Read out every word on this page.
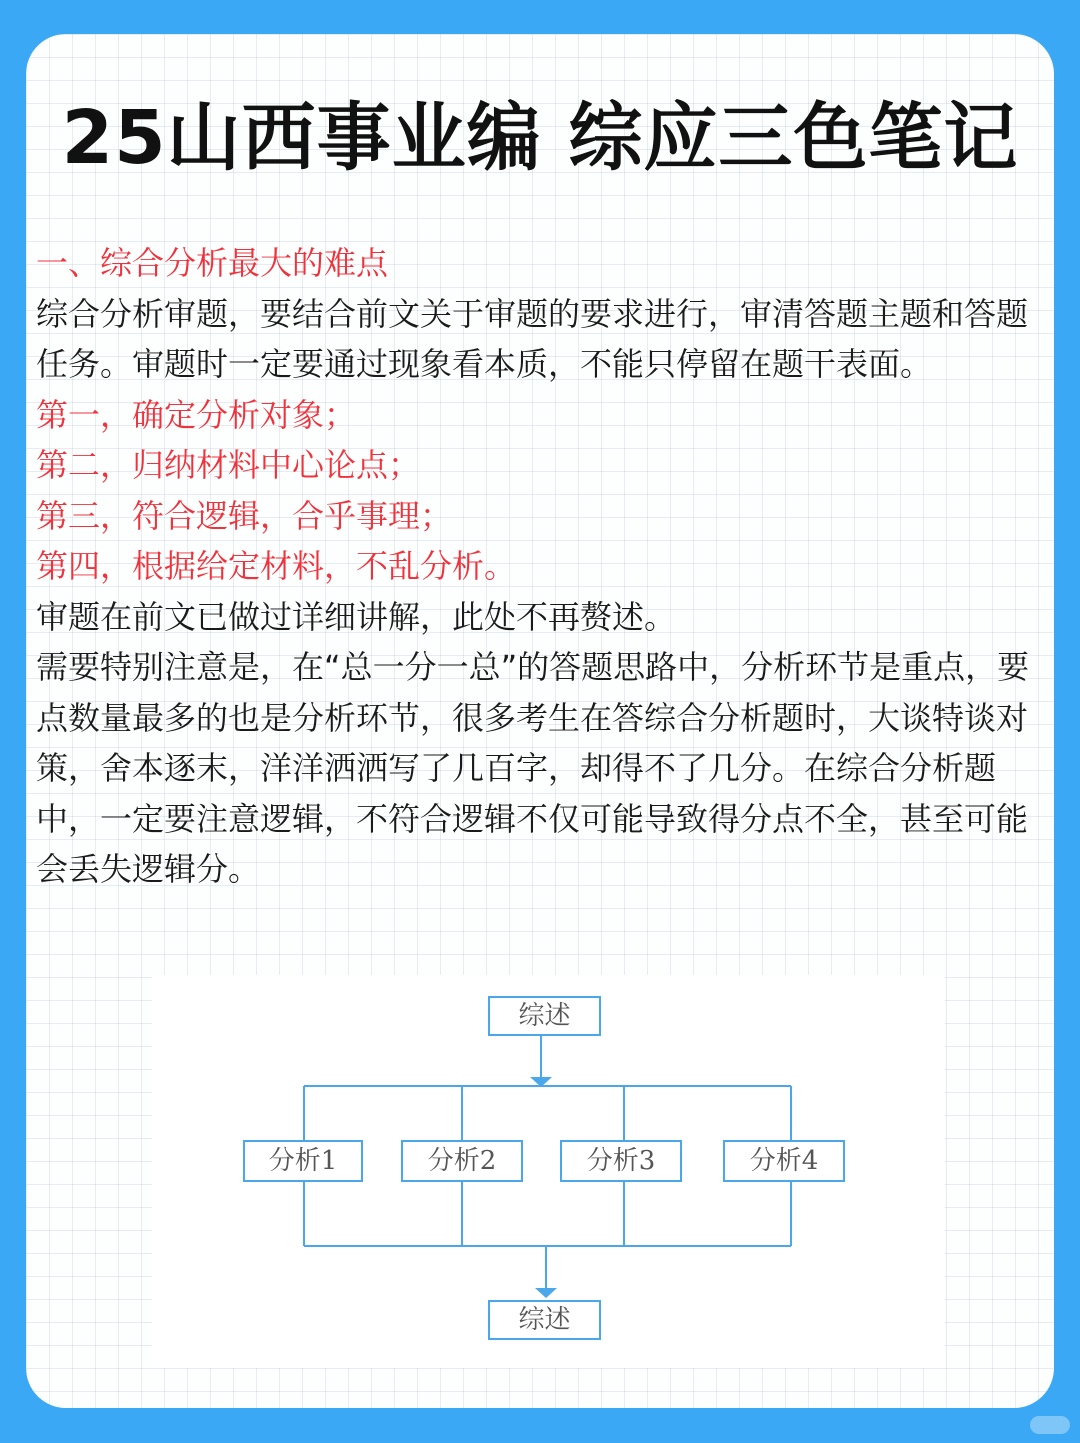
25山西事业编 综应三色笔记

一、综合分析最大的难点

综合分析审题，要结合前文关于审题的要求进行，审清答题主题和答题任务。审题时一定要通过现象看本质，不能只停留在题干表面。

第一，确定分析对象；

第二，归纳材料中心论点；

第三，符合逻辑，合乎事理；

第四，根据给定材料，不乱分析。

审题在前文已做过详细讲解，此处不再赘述。

需要特别注意是，在“总一分一总”的答题思路中，分析环节是重点，要点数量最多的也是分析环节，很多考生在答综合分析题时，大谈特谈对策，舍本逐末，洋洋洒洒写了几百字，却得不了几分。在综合分析题中，一定要注意逻辑，不符合逻辑不仅可能导致得分点不全，甚至可能会丢失逻辑分。

综述
分析1	分析2	分析3	分析4
综述
